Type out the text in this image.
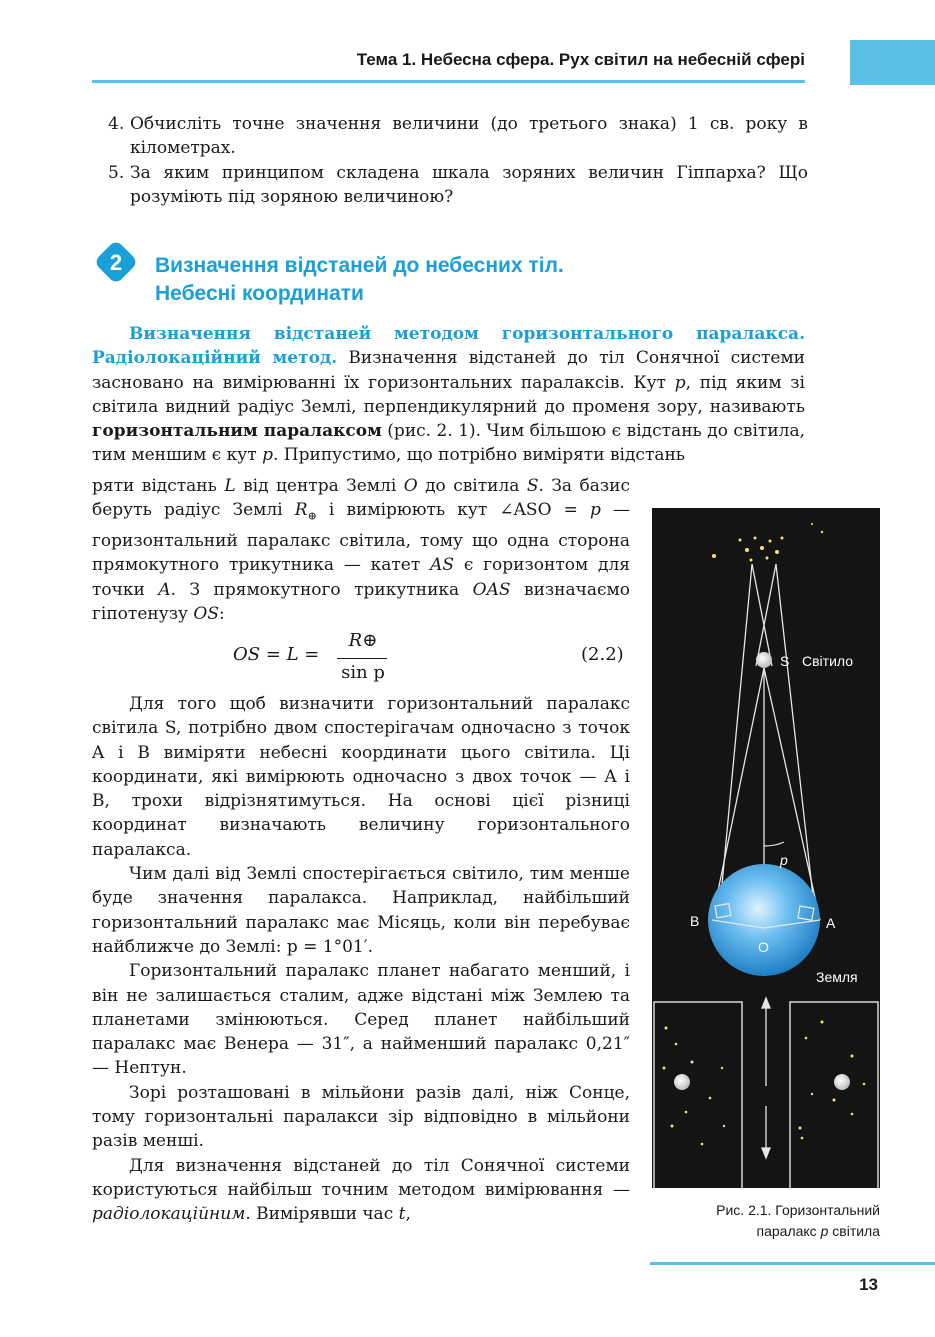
Тема 1. Небесна сфера. Рух світил на небесній сфері
4. Обчисліть точне значення величини (до третього знака) 1 св. року в кілометрах.
5. За яким принципом складена шкала зоряних величин Гіппарха? Що розуміють під зоряною величиною?
2 Визначення відстаней до небесних тіл.
Небесні координати

Визначення відстаней методом горизонтального паралакса. Радіолокаційний метод. Визначення відстаней до тіл Сонячної системи засновано на вимірюванні їх горизонтальних паралаксів. Кут p, під яким зі світила видний радіус Землі, перпендикулярний до променя зору, називають горизонтальним паралаксом (рис. 2. 1). Чим більшою є відстань до світила, тим меншим є кут p. Припустимо, що потрібно виміряти відстань

ряти відстань L від центра Землі O до світила S. За базис беруть радіус Землі $R_\oplus$ і вимірюють кут ∠ASO = p — горизонтальний паралакс світила, тому що одна сторона прямокутного трикутника — катет AS є горизонтом для точки A. З прямокутного трикутника OAS визначаємо гіпотенузу OS:

OS = L =
R⊕
sin p
(2.2)

Для того щоб визначити горизонтальний паралакс світила S, потрібно двом спостерігачам одночасно з точок A і B виміряти небесні координати цього світила. Ці координати, які вимірюють одночасно з двох точок — A і B, трохи відрізнятимуться. На основі цієї різниці координат визначають величину горизонтального паралакса.

Чим далі від Землі спостерігається світило, тим менше буде значення паралакса. Наприклад, найбільший горизонтальний паралакс має Місяць, коли він перебуває найближче до Землі: p = 1°01′.

Горизонтальний паралакс планет набагато менший, і він не залишається сталим, адже відстані між Землею та планетами змінюються. Серед планет найбільший паралакс має Венера — 31″, а найменший паралакс 0,21″ — Нептун.

Зорі розташовані в мільйони разів далі, ніж Сонце, тому горизонтальні паралакси зір відповідно в мільйони разів менші.

Для визначення відстаней до тіл Сонячної системи користуються найбільш точним методом вимірювання — радіолокаційним. Вимірявши час t,

S Світило
p
B	A
O
Земля
Рис. 2.1. Горизонтальний
паралакс p світила
13
